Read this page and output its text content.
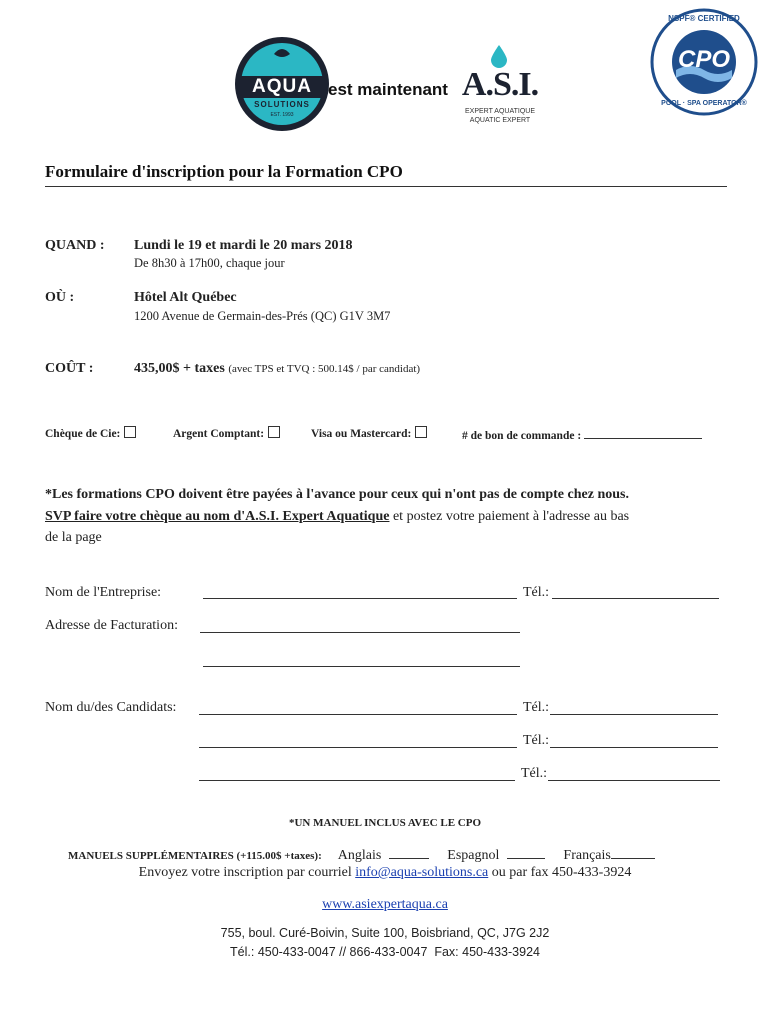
AQUA
SOLUTIONS
EST. 1993
est maintenant A.S.I.
EXPERT AQUATIQUE
AQUATIC EXPERT
NSPF® CERTIFIED
CPO
POOL · SPA OPERATOR®
Formulaire d'inscription pour la Formation CPO
QUAND : Lundi le 19 et mardi le 20 mars 2018
De 8h30 à 17h00, chaque jour
OÙ :	Hôtel Alt Québec
1200 Avenue de Germain-des-Prés (QC) G1V 3M7
COÛT :	435,00$ + taxes (avec TPS et TVQ : 500.14$ / par candidat)
Chèque de Cie:	Argent Comptant:	Visa ou Mastercard:	# de bon de commande :
*Les formations CPO doivent être payées à l'avance pour ceux qui n'ont pas de compte chez nous.
SVP faire votre chèque au nom d'A.S.I. Expert Aquatique et postez votre paiement à l'adresse au bas
de la page
Nom de l'Entreprise:	Tél.:
Adresse de Facturation:
Nom du/des Candidats:	Tél.:
Tél.:
Tél.:
*UN MANUEL INCLUS AVEC LE CPO
MANUELS SUPPLÉMENTAIRES (+115.00$ +taxes): Anglais	Espagnol	Français
Envoyez votre inscription par courriel info@aqua-solutions.ca ou par fax 450-433-3924
www.asiexpertaqua.ca
755, boul. Curé-Boivin, Suite 100, Boisbriand, QC, J7G 2J2
Tél.: 450-433-0047 // 866-433-0047  Fax: 450-433-3924
